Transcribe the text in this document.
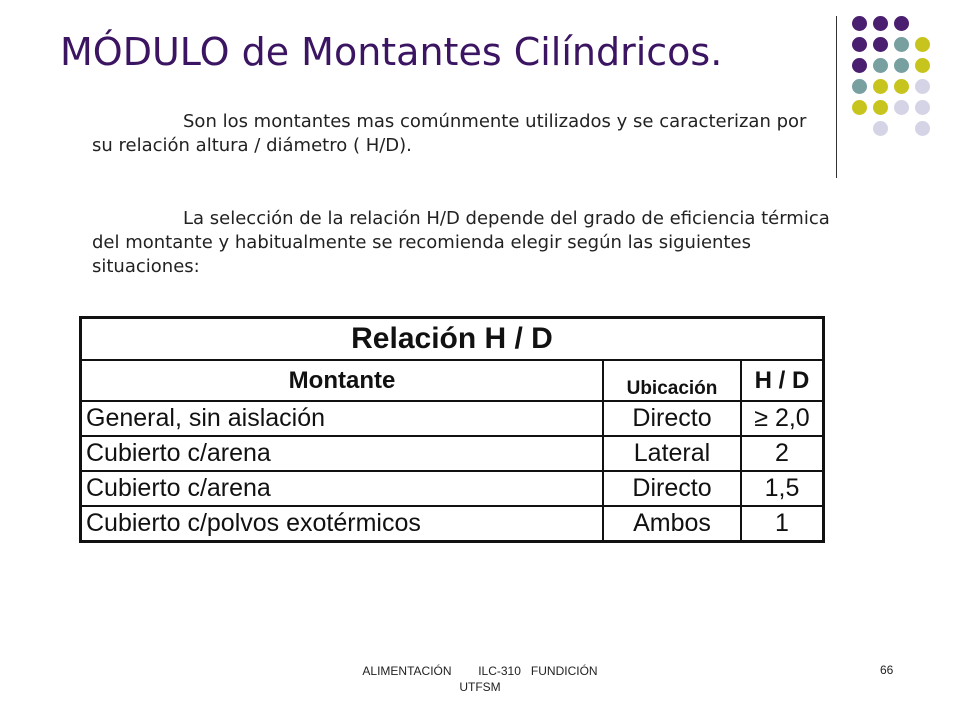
MÓDULO de Montantes Cilíndricos.
Son los montantes mas comúnmente utilizados y se caracterizan por su relación altura / diámetro ( H/D).
La selección de la relación H/D depende del grado de eficiencia térmica del montante y habitualmente se recomienda elegir según las siguientes situaciones:
Relación H / D		
Montante	Ubicación	H / D
General, sin aislación	Directo	≥ 2,0
Cubierto c/arena	Lateral	2
Cubierto c/arena	Directo	1,5
Cubierto c/polvos exotérmicos	Ambos	1
ALIMENTACIÓN        ILC-310   FUNDICIÓN
UTFSM
66
